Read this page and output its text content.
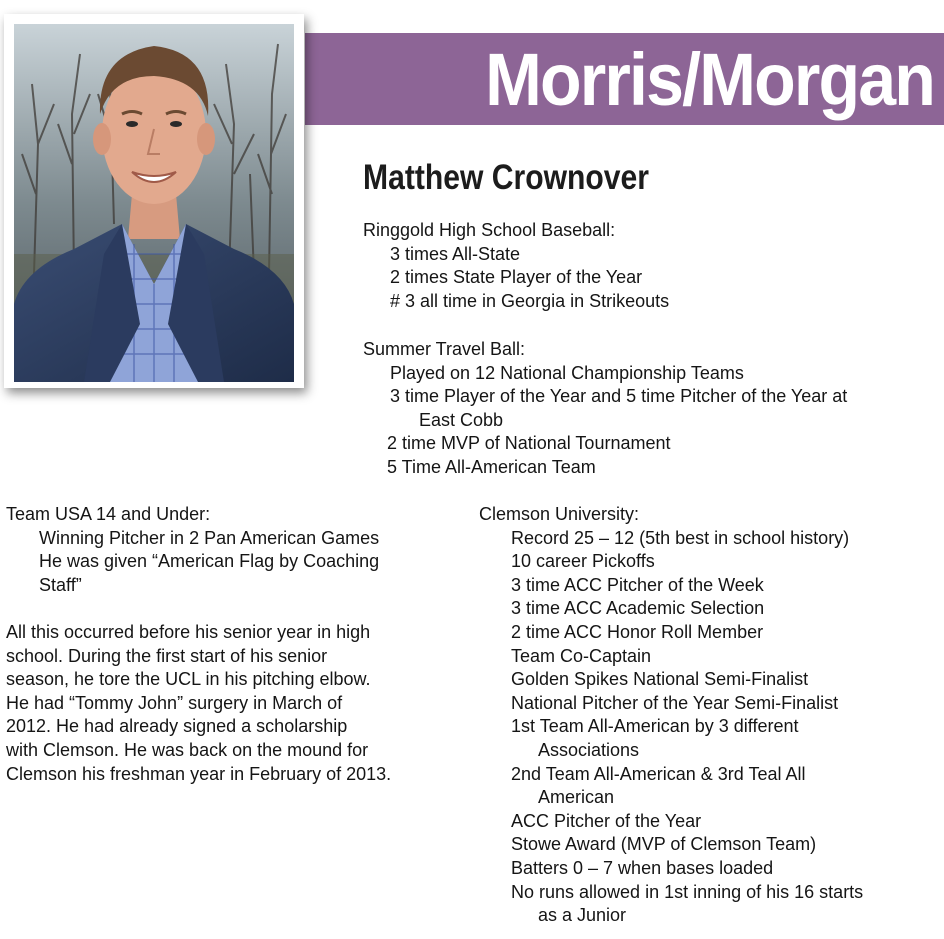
Morris/Morgan
Matthew Crownover
Ringgold High School Baseball:
3 times All-State
2 times State Player of the Year
# 3 all time in Georgia in Strikeouts
Summer Travel Ball:
Played on 12 National Championship Teams
3 time Player of the Year and 5 time Pitcher of the Year at
East Cobb
2 time MVP of National Tournament
5 Time All-American Team
Team USA 14 and Under:
Winning Pitcher in 2 Pan American Games
He was given “American Flag by Coaching
Staff”
All this occurred before his senior year in high
school. During the first start of his senior
season, he tore the UCL in his pitching elbow.
He had “Tommy John” surgery in March of
2012. He had already signed a scholarship
with Clemson. He was back on the mound for
Clemson his freshman year in February of 2013.
Clemson University:
Record 25 – 12 (5th best in school history)
10 career Pickoffs
3 time ACC Pitcher of the Week
3 time ACC Academic Selection
2 time ACC Honor Roll Member
Team Co-Captain
Golden Spikes National Semi-Finalist
National Pitcher of the Year Semi-Finalist
1st Team All-American by 3 different
Associations
2nd Team All-American & 3rd Teal All
American
ACC Pitcher of the Year
Stowe Award (MVP of Clemson Team)
Batters 0 – 7 when bases loaded
No runs allowed in 1st inning of his 16 starts
as a Junior
